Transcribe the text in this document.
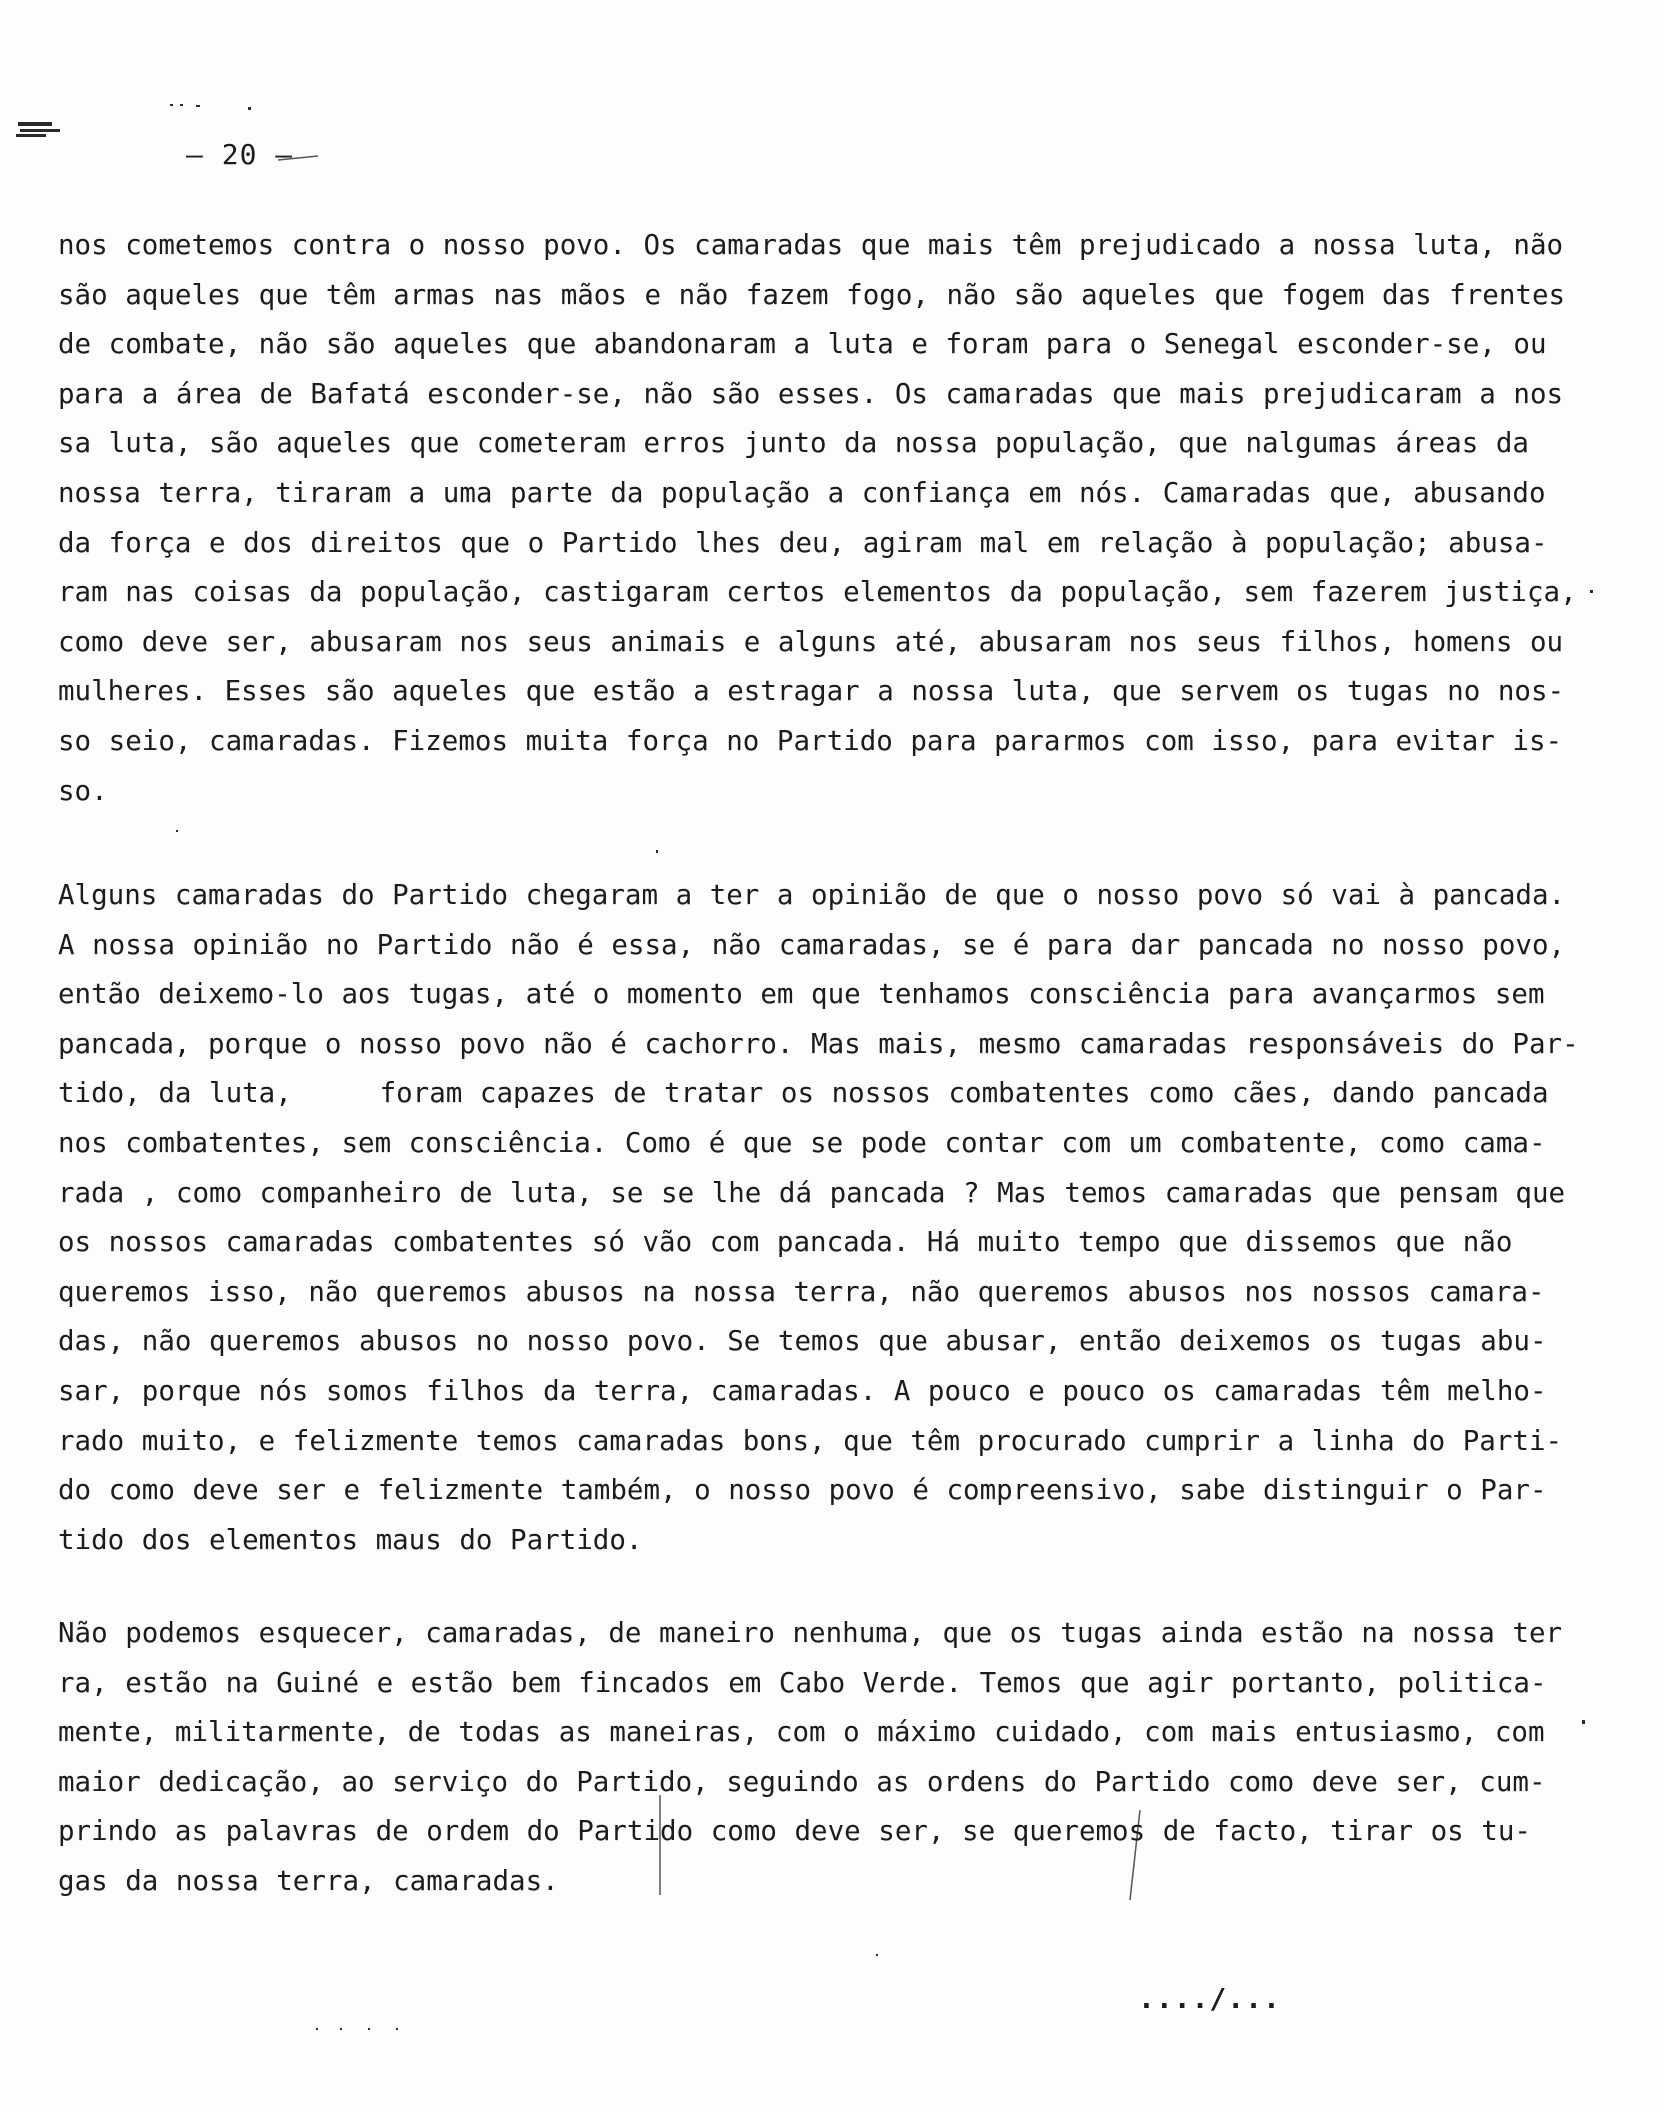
– 20 –
nos cometemos contra o nosso povo. Os camaradas que mais têm prejudicado a nossa luta, não
são aqueles que têm armas nas mãos e não fazem fogo, não são aqueles que fogem das frentes
de combate, não são aqueles que abandonaram a luta e foram para o Senegal esconder-se, ou
para a área de Bafatá esconder-se, não são esses. Os camaradas que mais prejudicaram a nos
sa luta, são aqueles que cometeram erros junto da nossa população, que nalgumas áreas da
nossa terra, tiraram a uma parte da população a confiança em nós. Camaradas que, abusando
da força e dos direitos que o Partido lhes deu, agiram mal em relação à população; abusa-
ram nas coisas da população, castigaram certos elementos da população, sem fazerem justiça,
como deve ser, abusaram nos seus animais e alguns até, abusaram nos seus filhos, homens ou
mulheres. Esses são aqueles que estão a estragar a nossa luta, que servem os tugas no nos-
so seio, camaradas. Fizemos muita força no Partido para pararmos com isso, para evitar is-
so.
Alguns camaradas do Partido chegaram a ter a opinião de que o nosso povo só vai à pancada.
A nossa opinião no Partido não é essa, não camaradas, se é para dar pancada no nosso povo,
então deixemo-lo aos tugas, até o momento em que tenhamos consciência para avançarmos sem
pancada, porque o nosso povo não é cachorro. Mas mais, mesmo camaradas responsáveis do Par-
tido, da luta,     foram capazes de tratar os nossos combatentes como cães, dando pancada
nos combatentes, sem consciência. Como é que se pode contar com um combatente, como cama-
rada , como companheiro de luta, se se lhe dá pancada ? Mas temos camaradas que pensam que
os nossos camaradas combatentes só vão com pancada. Há muito tempo que dissemos que não
queremos isso, não queremos abusos na nossa terra, não queremos abusos nos nossos camara-
das, não queremos abusos no nosso povo. Se temos que abusar, então deixemos os tugas abu-
sar, porque nós somos filhos da terra, camaradas. A pouco e pouco os camaradas têm melho-
rado muito, e felizmente temos camaradas bons, que têm procurado cumprir a linha do Parti-
do como deve ser e felizmente também, o nosso povo é compreensivo, sabe distinguir o Par-
tido dos elementos maus do Partido.
Não podemos esquecer, camaradas, de maneiro nenhuma, que os tugas ainda estão na nossa ter
ra, estão na Guiné e estão bem fincados em Cabo Verde. Temos que agir portanto, politica-
mente, militarmente, de todas as maneiras, com o máximo cuidado, com mais entusiasmo, com
maior dedicação, ao serviço do Partido, seguindo as ordens do Partido como deve ser, cum-
prindo as palavras de ordem do Partido como deve ser, se queremos de facto, tirar os tu-
gas da nossa terra, camaradas.
..../...
